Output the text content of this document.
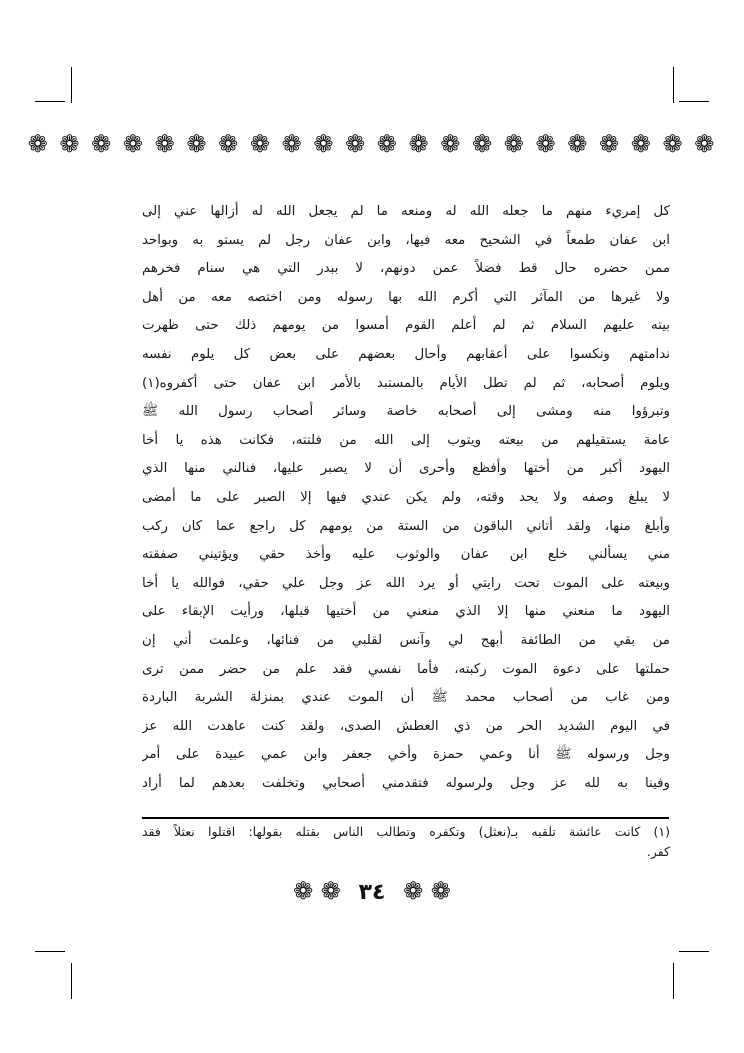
❁ ❁ ❁ ❁ ❁ ❁ ❁ ❁ ❁ ❁ ❁ ❁ ❁ ❁ ❁ ❁ ❁ ❁ ❁ ❁ ❁ ❁
كل إمريء منهم ما جعله الله له ومنعه ما لم يجعل الله له أزالها عني إلى
ابن عفان طمعاً في الشحيح معه فيها، وابن عفان رجل لم يستو به وبواحد
ممن حضره حال قط فضلاً عمن دونهم، لا ببدر التي هي سنام فخرهم
ولا غيرها من المآثر التي أكرم الله بها رسوله ومن اختصه معه من أهل
بيته عليهم السلام ثم لم أعلم القوم أمسوا من يومهم ذلك حتى ظهرت
ندامتهم ونكسوا على أعقابهم وأحال بعضهم على بعض كل يلوم نفسه
ويلوم أصحابه، ثم لم تطل الأيام بالمستبد بالأمر ابن عفان حتى أكفروه(١)
وتبرؤوا منه ومشى إلى أصحابه خاصة وسائر أصحاب رسول الله ﷺ
عامة يستقيلهم من بيعته ويتوب إلى الله من فلتته، فكانت هذه يا أخا
اليهود أكبر من أختها وأفظع وأحرى أن لا يصبر عليها، فنالني منها الذي
لا يبلغ وصفه ولا يحد وقته، ولم يكن عندي فيها إلا الصبر على ما أمضى
وأبلغ منها، ولقد أتاني الباقون من الستة من يومهم كل راجع عما كان ركب
مني يسألني خلع ابن عفان والوثوب عليه وأخذ حقي ويؤتيني صفقته
وبيعته على الموت تحت رايتي أو يرد الله عز وجل علي حقي، فوالله يا أخا
اليهود ما منعني منها إلا الذي منعني من أختيها قبلها، ورأيت الإبقاء على
من بقي من الطائفة أبهج لي وآنس لقلبي من فنائها، وعلمت أني إن
حملتها على دعوة الموت ركبته، فأما نفسي فقد علم من حضر ممن ترى
ومن غاب من أصحاب محمد ﷺ أن الموت عندي بمنزلة الشربة الباردة
في اليوم الشديد الحر من ذي العطش الصدى، ولقد كنت عاهدت الله عز
وجل ورسوله ﷺ أنا وعمي حمزة وأخي جعفر وابن عمي عبيدة على أمر
وفينا به لله عز وجل ولرسوله فتقدمني أصحابي وتخلفت بعدهم لما أراد
(١) كانت عائشة تلقبه بـ(نعثل) وتكفره وتطالب الناس بقتله بقولها: اقتلوا نعثلاً فقد
كفر.
❁ ❁ ٣٤ ❁ ❁
